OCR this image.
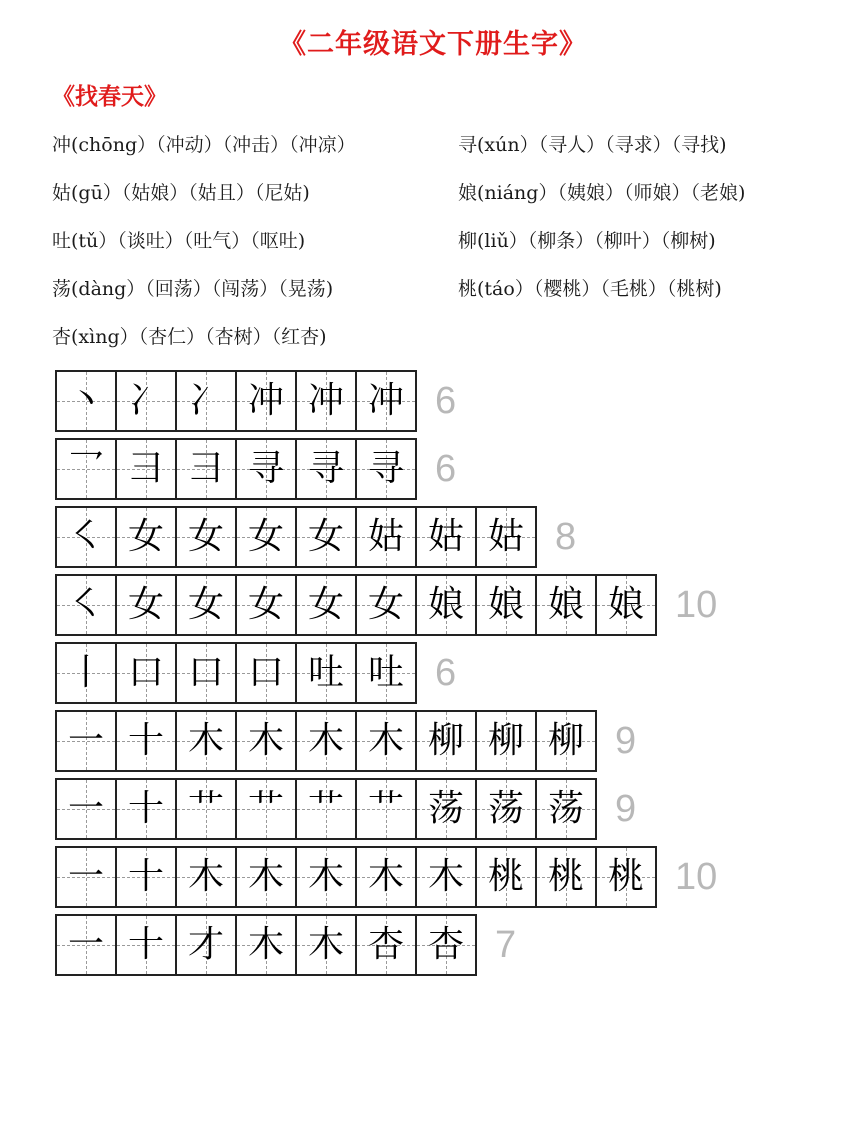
《二年级语文下册生字》
《找春天》
冲(chōng）（冲动）（冲击）（冲凉）
姑(gū）（姑娘）（姑且）（尼姑)
吐(tǔ）（谈吐）（吐气）（呕吐)
荡(dàng）（回荡）（闯荡）（晃荡)
杏(xìng）（杏仁）（杏树）（红杏)
寻(xún）（寻人）（寻求）（寻找)
娘(niáng）（姨娘）（师娘）（老娘)
柳(liǔ）（柳条）（柳叶）（柳树)
桃(táo）（樱桃）（毛桃）（桃树)
丶 冫 冫 冲 冲 冲 6
乛 彐 彐 寻 寻 寻 6
㇛ 女 女 女 女 姑 姑 姑 8
㇛ 女 女 女 女 女 娘 娘 娘 娘 10
丨 口 口 口 吐 吐 6
一 十 木 木 木 木 柳 柳 柳 9
一 十 艹 艹 艹 艹 荡 荡 荡 9
一 十 木 木 木 木 木 桃 桃 桃 10
一 十 才 木 木 杏 杏 7
